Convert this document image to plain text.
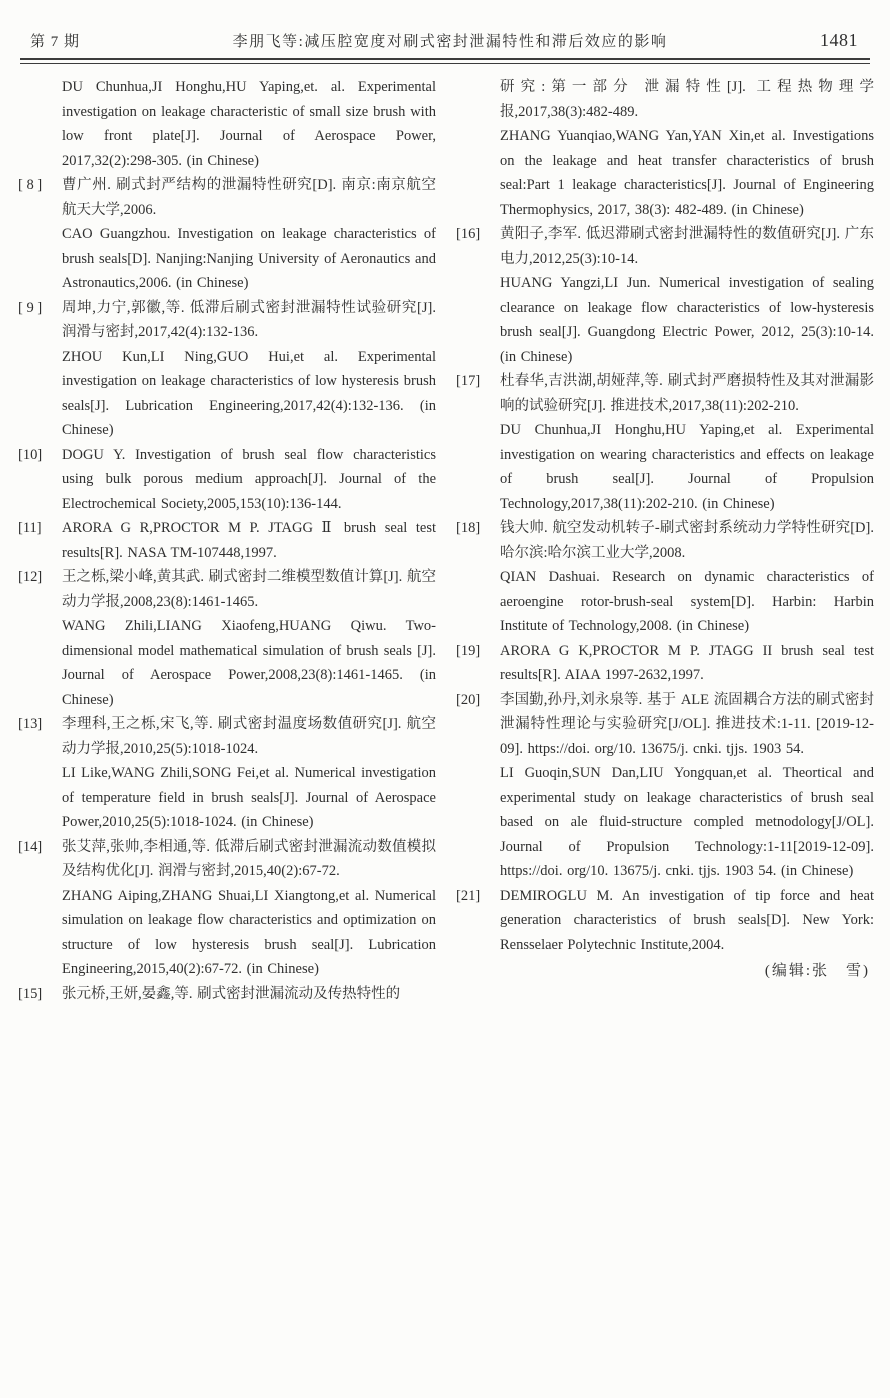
第 7 期	李朋飞等:减压腔宽度对刷式密封泄漏特性和滞后效应的影响	1481

DU Chunhua,JI Honghu,HU Yaping,et. al. Experimental investigation on leakage characteristic of small size brush with low front plate[J]. Journal of Aerospace Power, 2017,32(2):298-305. (in Chinese)

[ 8 ]	曹广州. 刷式封严结构的泄漏特性研究[D]. 南京:南京航空航天大学,2006.

CAO Guangzhou. Investigation on leakage characteristics of brush seals[D]. Nanjing:Nanjing University of Aeronautics and Astronautics,2006. (in Chinese)

[ 9 ]	周坤,力宁,郭徽,等. 低滞后刷式密封泄漏特性试验研究[J]. 润滑与密封,2017,42(4):132-136.

ZHOU Kun,LI Ning,GUO Hui,et al. Experimental investigation on leakage characteristics of low hysteresis brush seals[J]. Lubrication Engineering,2017,42(4):132-136. (in Chinese)

[10]	DOGU Y. Investigation of brush seal flow characteristics using bulk porous medium approach[J]. Journal of the Electrochemical Society,2005,153(10):136-144.

[11]	ARORA G R,PROCTOR M P. JTAGG Ⅱ brush seal test results[R]. NASA TM-107448,1997.

[12]	王之栎,梁小峰,黄其武. 刷式密封二维模型数值计算[J]. 航空动力学报,2008,23(8):1461-1465.

WANG Zhili,LIANG Xiaofeng,HUANG Qiwu. Two-dimensional model mathematical simulation of brush seals [J]. Journal of Aerospace Power,2008,23(8):1461-1465. (in Chinese)

[13]	李理科,王之栎,宋飞,等. 刷式密封温度场数值研究[J]. 航空动力学报,2010,25(5):1018-1024.

LI Like,WANG Zhili,SONG Fei,et al. Numerical investigation of temperature field in brush seals[J]. Journal of Aerospace Power,2010,25(5):1018-1024. (in Chinese)

[14]	张艾萍,张帅,李相通,等. 低滞后刷式密封泄漏流动数值模拟及结构优化[J]. 润滑与密封,2015,40(2):67-72.

ZHANG Aiping,ZHANG Shuai,LI Xiangtong,et al. Numerical simulation on leakage flow characteristics and optimization on structure of low hysteresis brush seal[J]. Lubrication Engineering,2015,40(2):67-72. (in Chinese)

[15]	张元桥,王妍,晏鑫,等. 刷式密封泄漏流动及传热特性的

研究:第一部分 泄漏特性[J]. 工程热物理学报,2017,38(3):482-489.

ZHANG Yuanqiao,WANG Yan,YAN Xin,et al. Investigations on the leakage and heat transfer characteristics of brush seal:Part 1 leakage characteristics[J]. Journal of Engineering Thermophysics, 2017, 38(3): 482-489. (in Chinese)

[16]	黄阳子,李军. 低迟滞刷式密封泄漏特性的数值研究[J]. 广东电力,2012,25(3):10-14.

HUANG Yangzi,LI Jun. Numerical investigation of sealing clearance on leakage flow characteristics of low-hysteresis brush seal[J]. Guangdong Electric Power, 2012, 25(3):10-14. (in Chinese)

[17]	杜春华,吉洪湖,胡娅萍,等. 刷式封严磨损特性及其对泄漏影响的试验研究[J]. 推进技术,2017,38(11):202-210.

DU Chunhua,JI Honghu,HU Yaping,et al. Experimental investigation on wearing characteristics and effects on leakage of brush seal[J]. Journal of Propulsion Technology,2017,38(11):202-210. (in Chinese)

[18]	钱大帅. 航空发动机转子-刷式密封系统动力学特性研究[D]. 哈尔滨:哈尔滨工业大学,2008.

QIAN Dashuai. Research on dynamic characteristics of aeroengine rotor-brush-seal system[D]. Harbin: Harbin Institute of Technology,2008. (in Chinese)

[19]	ARORA G K,PROCTOR M P. JTAGG II brush seal test results[R]. AIAA 1997-2632,1997.

[20]	李国勤,孙丹,刘永泉等. 基于 ALE 流固耦合方法的刷式密封泄漏特性理论与实验研究[J/OL]. 推进技术:1-11. [2019-12-09]. https://doi. org/10. 13675/j. cnki. tjjs. 1903 54.

LI Guoqin,SUN Dan,LIU Yongquan,et al. Theortical and experimental study on leakage characteristics of brush seal based on ale fluid-structure compled metnodology[J/OL]. Journal of Propulsion Technology:1-11[2019-12-09]. https://doi. org/10. 13675/j. cnki. tjjs. 1903 54. (in Chinese)

[21]	DEMIROGLU M. An investigation of tip force and heat generation characteristics of brush seals[D]. New York: Rensselaer Polytechnic Institute,2004.

(编辑:张　雪)
